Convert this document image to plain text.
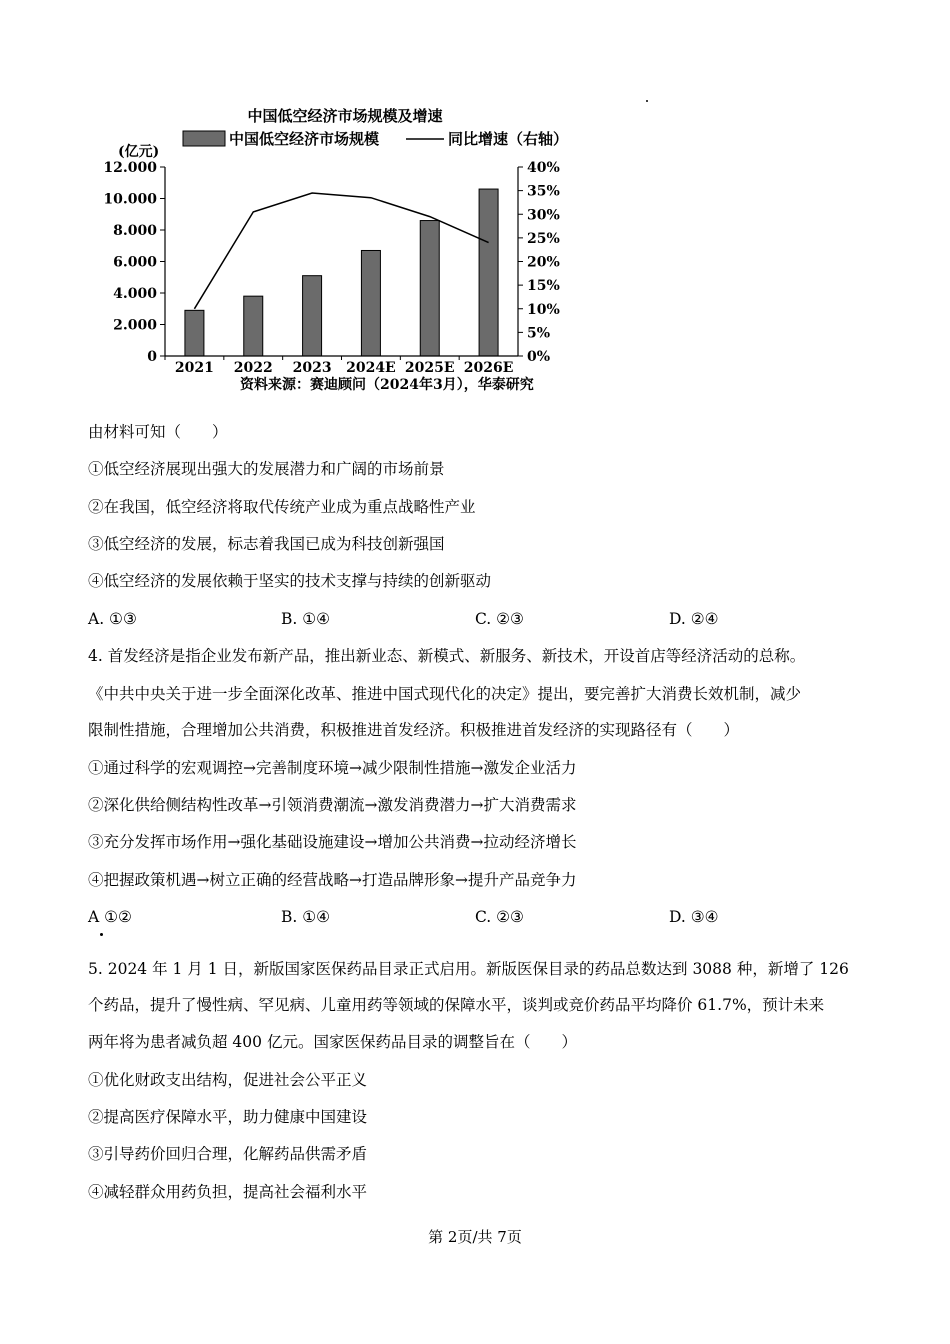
中国低空经济市场规模及增速
中国低空经济市场规模	同比增速（右轴）
(亿元)
0
2.000
4.000
6.000
8.000
10.000
12.000
0%
5%
10%
15%
20%
25%
30%
35%
40%
2021 2022 2023 2024E 2025E 2026E
资料来源：赛迪顾问（2024年3月），华泰研究
由材料可知（　　）
①低空经济展现出强大的发展潜力和广阔的市场前景
②在我国，低空经济将取代传统产业成为重点战略性产业
③低空经济的发展，标志着我国已成为科技创新强国
④低空经济的发展依赖于坚实的技术支撑与持续的创新驱动
A. ①③	B. ①④	C. ②③	D. ②④
4. 首发经济是指企业发布新产品，推出新业态、新模式、新服务、新技术，开设首店等经济活动的总称。
《中共中央关于进一步全面深化改革、推进中国式现代化的决定》提出，要完善扩大消费长效机制，减少
限制性措施，合理增加公共消费，积极推进首发经济。积极推进首发经济的实现路径有（　　）
①通过科学的宏观调控→完善制度环境→减少限制性措施→激发企业活力
②深化供给侧结构性改革→引领消费潮流→激发消费潜力→扩大消费需求
③充分发挥市场作用→强化基础设施建设→增加公共消费→拉动经济增长
④把握政策机遇→树立正确的经营战略→打造品牌形象→提升产品竞争力
A ①②	B. ①④	C. ②③	D. ③④
5. 2024 年 1 月 1 日，新版国家医保药品目录正式启用。新版医保目录的药品总数达到 3088 种，新增了 126
个药品，提升了慢性病、罕见病、儿童用药等领域的保障水平，谈判或竞价药品平均降价 61.7%，预计未来
两年将为患者减负超 400 亿元。国家医保药品目录的调整旨在（　　）
①优化财政支出结构，促进社会公平正义
②提高医疗保障水平，助力健康中国建设
③引导药价回归合理，化解药品供需矛盾
④减轻群众用药负担，提高社会福利水平
第 2页/共 7页
